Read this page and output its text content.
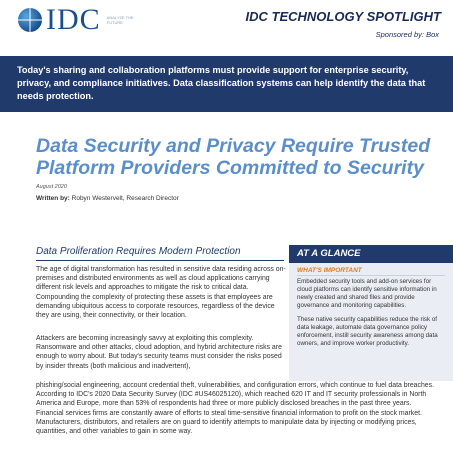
IDC ANALYZE THE FUTURE	IDC TECHNOLOGY SPOTLIGHT
Sponsored by: Box
Today's sharing and collaboration platforms must provide support for enterprise security, privacy, and compliance initiatives. Data classification systems can help identify the data that needs protection.
Data Security and Privacy Require Trusted Platform Providers Committed to Security
August 2020
Written by: Robyn Westervelt, Research Director
Data Proliferation Requires Modern Protection

The age of digital transformation has resulted in sensitive data residing across on-premises and distributed environments as well as cloud applications carrying different risk levels and approaches to mitigate the risk to critical data. Compounding the complexity of protecting these assets is that employees are demanding ubiquitous access to corporate resources, regardless of the device they are using, their connectivity, or their location.

Attackers are becoming increasingly savvy at exploiting this complexity. Ransomware and other attacks, cloud adoption, and hybrid architecture risks are enough to worry about. But today's security teams must consider the risks posed by insider threats (both malicious and inadvertent),

phishing/social engineering, account credential theft, vulnerabilities, and configuration errors, which continue to fuel data breaches. According to IDC's 2020 Data Security Survey (IDC #US46025120), which reached 620 IT and IT security professionals in North America and Europe, more than 53% of respondents had three or more publicly disclosed breaches in the past three years. Financial services firms are constantly aware of efforts to steal time-sensitive financial information to profit on the stock market. Manufacturers, distributors, and retailers are on guard to identify attempts to manipulate data by injecting or modifying prices, quantities, and other variables to gain in some way.

AT A GLANCE
WHAT'S IMPORTANT

Embedded security tools and add-on services for cloud platforms can identify sensitive information in newly created and shared files and provide governance and monitoring capabilities.

These native security capabilities reduce the risk of data leakage, automate data governance policy enforcement, instill security awareness among data owners, and improve worker productivity.
